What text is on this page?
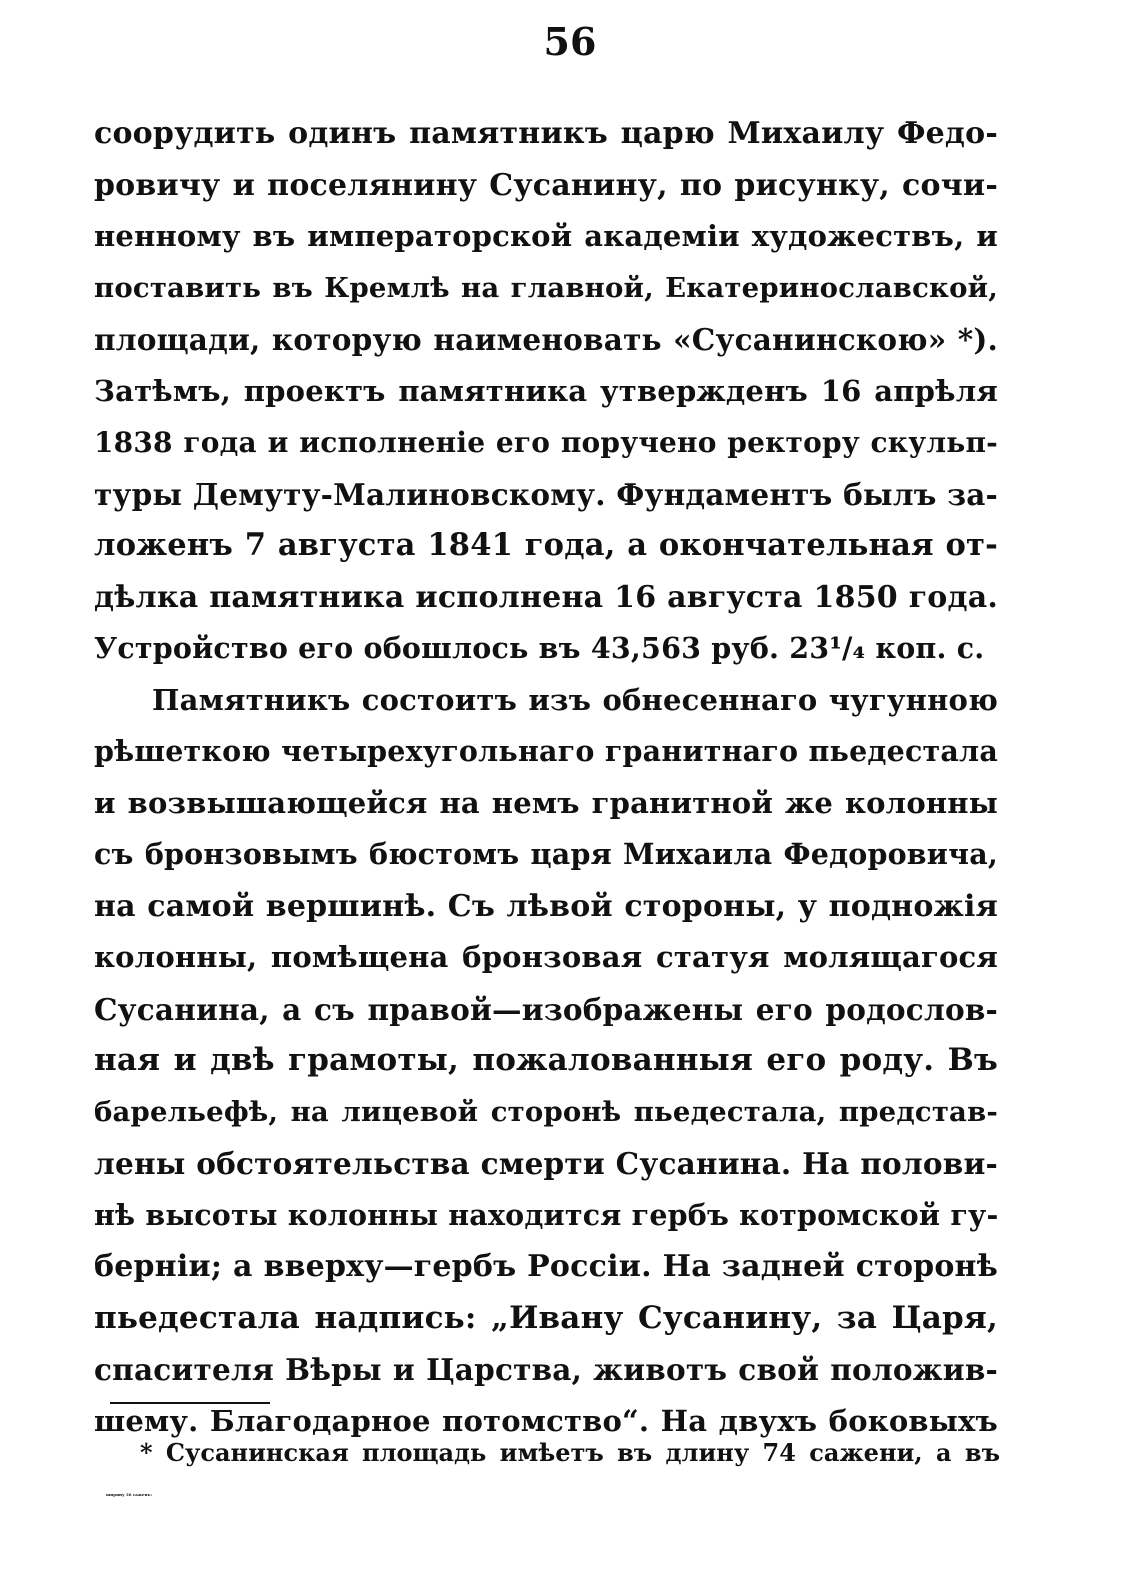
56
соорудить одинъ памятникъ царю Михаилу Федо-
ровичу и поселянину Сусанину, по рисунку, сочи-
ненному въ императорской академіи художествъ, и
поставить въ Кремлѣ на главной, Екатеринославской,
площади, которую наименовать «Сусанинскою» *).
Затѣмъ, проектъ памятника утвержденъ 16 апрѣля
1838 года и исполненіе его поручено ректору скульп-
туры Демуту-Малиновскому. Фундаментъ былъ за-
ложенъ 7 августа 1841 года, а окончательная от-
дѣлка памятника исполнена 16 августа 1850 года.
Устройство его обошлось въ 43,563 руб. 23¹/₄ коп. с.
Памятникъ состоитъ изъ обнесеннаго чугунною
рѣшеткою четырехугольнаго гранитнаго пьедестала
и возвышающейся на немъ гранитной же колонны
съ бронзовымъ бюстомъ царя Михаила Федоровича,
на самой вершинѣ. Съ лѣвой стороны, у подножія
колонны, помѣщена бронзовая статуя молящагося
Сусанина, а съ правой—изображены его родослов-
ная и двѣ грамоты, пожалованныя его роду. Въ
барельефѣ, на лицевой сторонѣ пьедестала, представ-
лены обстоятельства смерти Сусанина. На полови-
нѣ высоты колонны находится гербъ котромской гу-
берніи; а вверху—гербъ Россіи. На задней сторонѣ
пьедестала надпись: „Ивану Сусанину, за Царя,
спасителя Вѣры и Царства, животъ свой положив-
шему. Благодарное потомство“. На двухъ боковыхъ
* Сусанинская площадь имѣетъ въ длину 74 сажени, а въ
ширину 36 саженъ:
